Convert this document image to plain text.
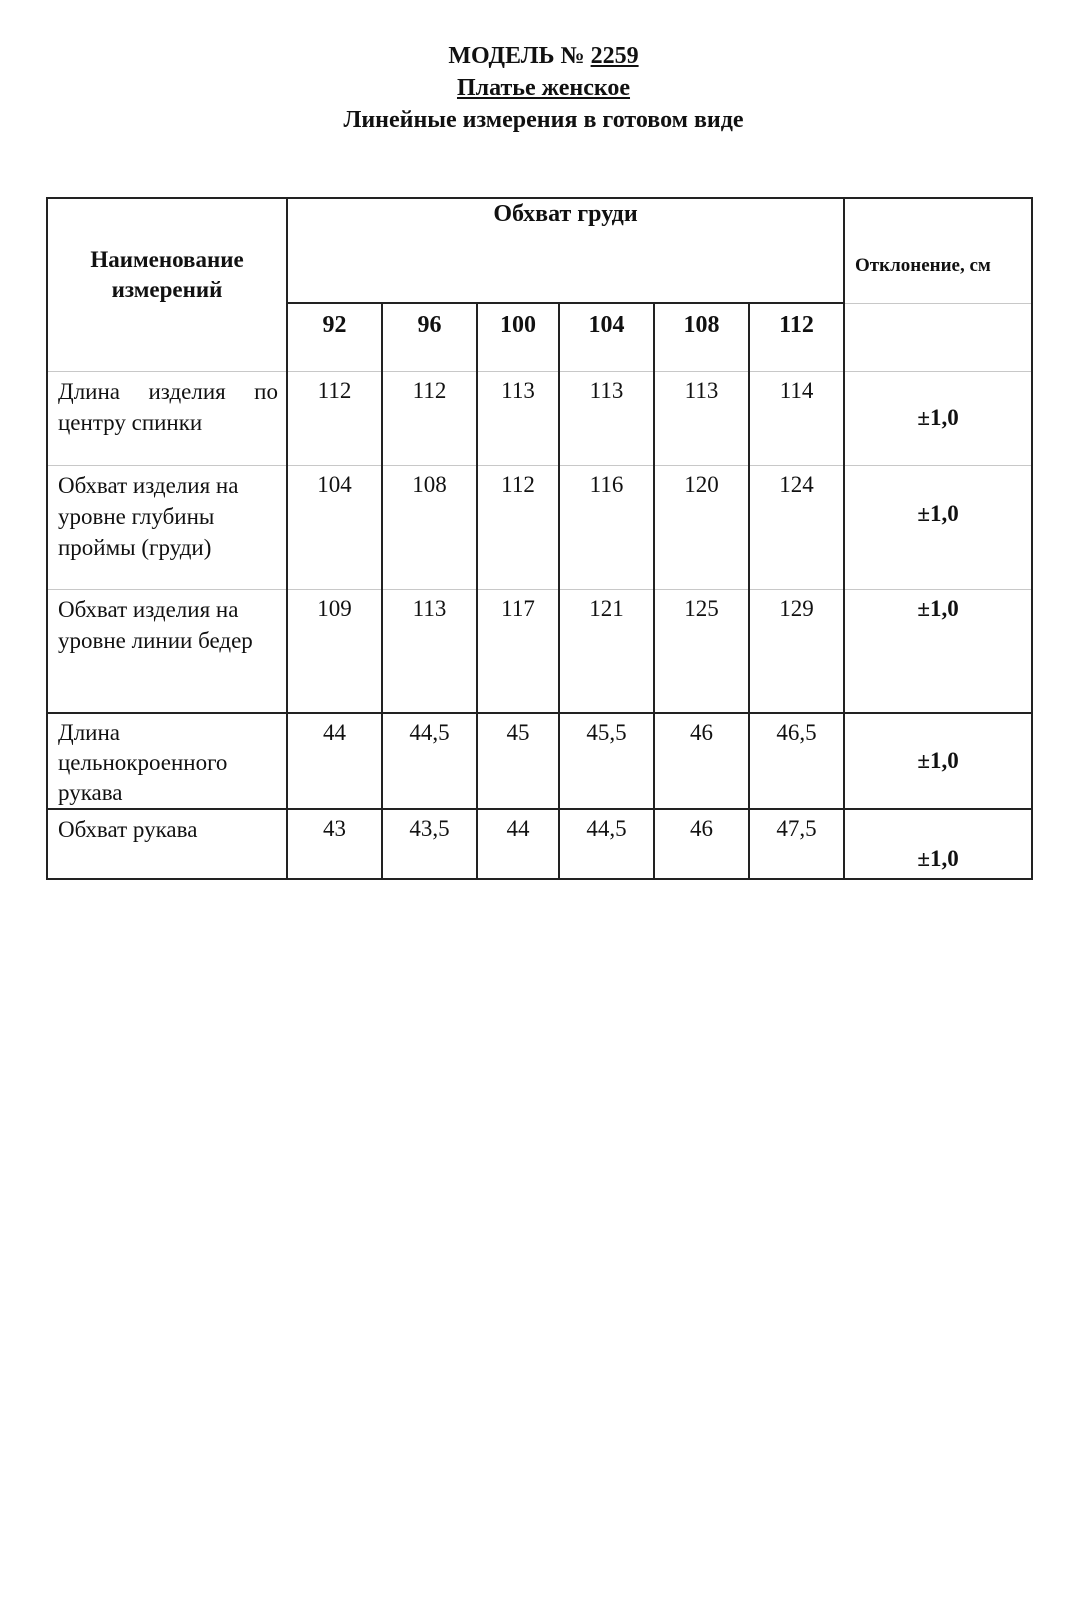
МОДЕЛЬ № 2259
Платье женское
Линейные измерения в готовом виде
Наименование измерений	Обхват груди						Отклонение, см
	92	96	100	104	108	112	
Длина изделия по центру спинки	112	112	113	113	113	114	±1,0
Обхват изделия на уровне глубины проймы (груди)	104	108	112	116	120	124	±1,0
Обхват изделия на уровне линии бедер	109	113	117	121	125	129	±1,0
Длина цельнокроенного рукава	44	44,5	45	45,5	46	46,5	±1,0
Обхват рукава	43	43,5	44	44,5	46	47,5	±1,0
